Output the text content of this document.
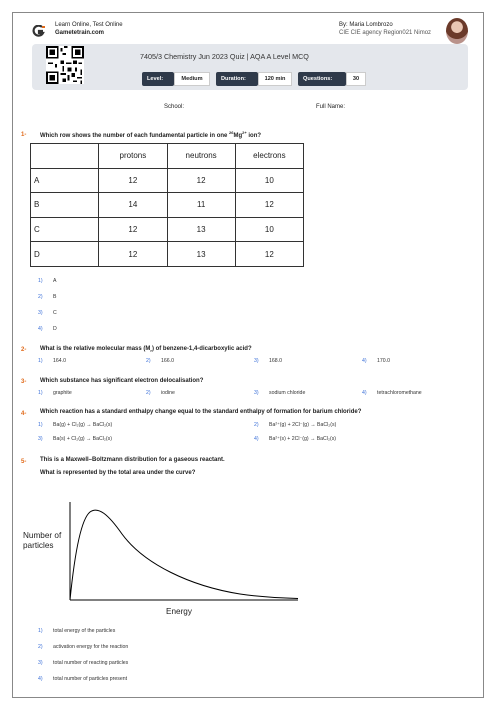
Learn Online, Test Online
Gametetrain.com
By: Maria Lombrozo
CIE CIE agency Region021 Nimoz
7405/3 Chemistry Jun 2023 Quiz | AQA A Level MCQ
Level:	Medium	Duration:	120 min	Questions:	30
School:	Full Name:
1- Which row shows the number of each fundamental particle in one $^{26}Mg^{2+}$ ion?
	protons	neutrons	electrons
A	12	12	10
B	14	11	12
C	12	13	10
D	12	13	12
1) A
2) B
3) C
4) D
2- What is the relative molecular mass $(M_r)$ of benzene-1,4-dicarboxylic acid?
1) 164.0	2) 166.0	3) 168.0	4) 170.0
3- Which substance has significant electron delocalisation?
1) graphite	2) iodine	3) sodium chloride	4) tetrachloromethane
4- Which reaction has a standard enthalpy change equal to the standard enthalpy of formation for barium chloride?
1) Ba(g) + Cl₂(g) → BaCl₂(s)	2) Ba²⁺(g) + 2Cl⁻(g) → BaCl₂(s)
3) Ba(s) + Cl₂(g) → BaCl₂(s)	4) Ba²⁺(s) + 2Cl⁻(g) → BaCl₂(s)
5- This is a Maxwell–Boltzmann distribution for a gaseous reactant.
What is represented by the total area under the curve?
Number of
particles
Energy
1) total energy of the particles
2) activation energy for the reaction
3) total number of reacting particles
4) total number of particles present
